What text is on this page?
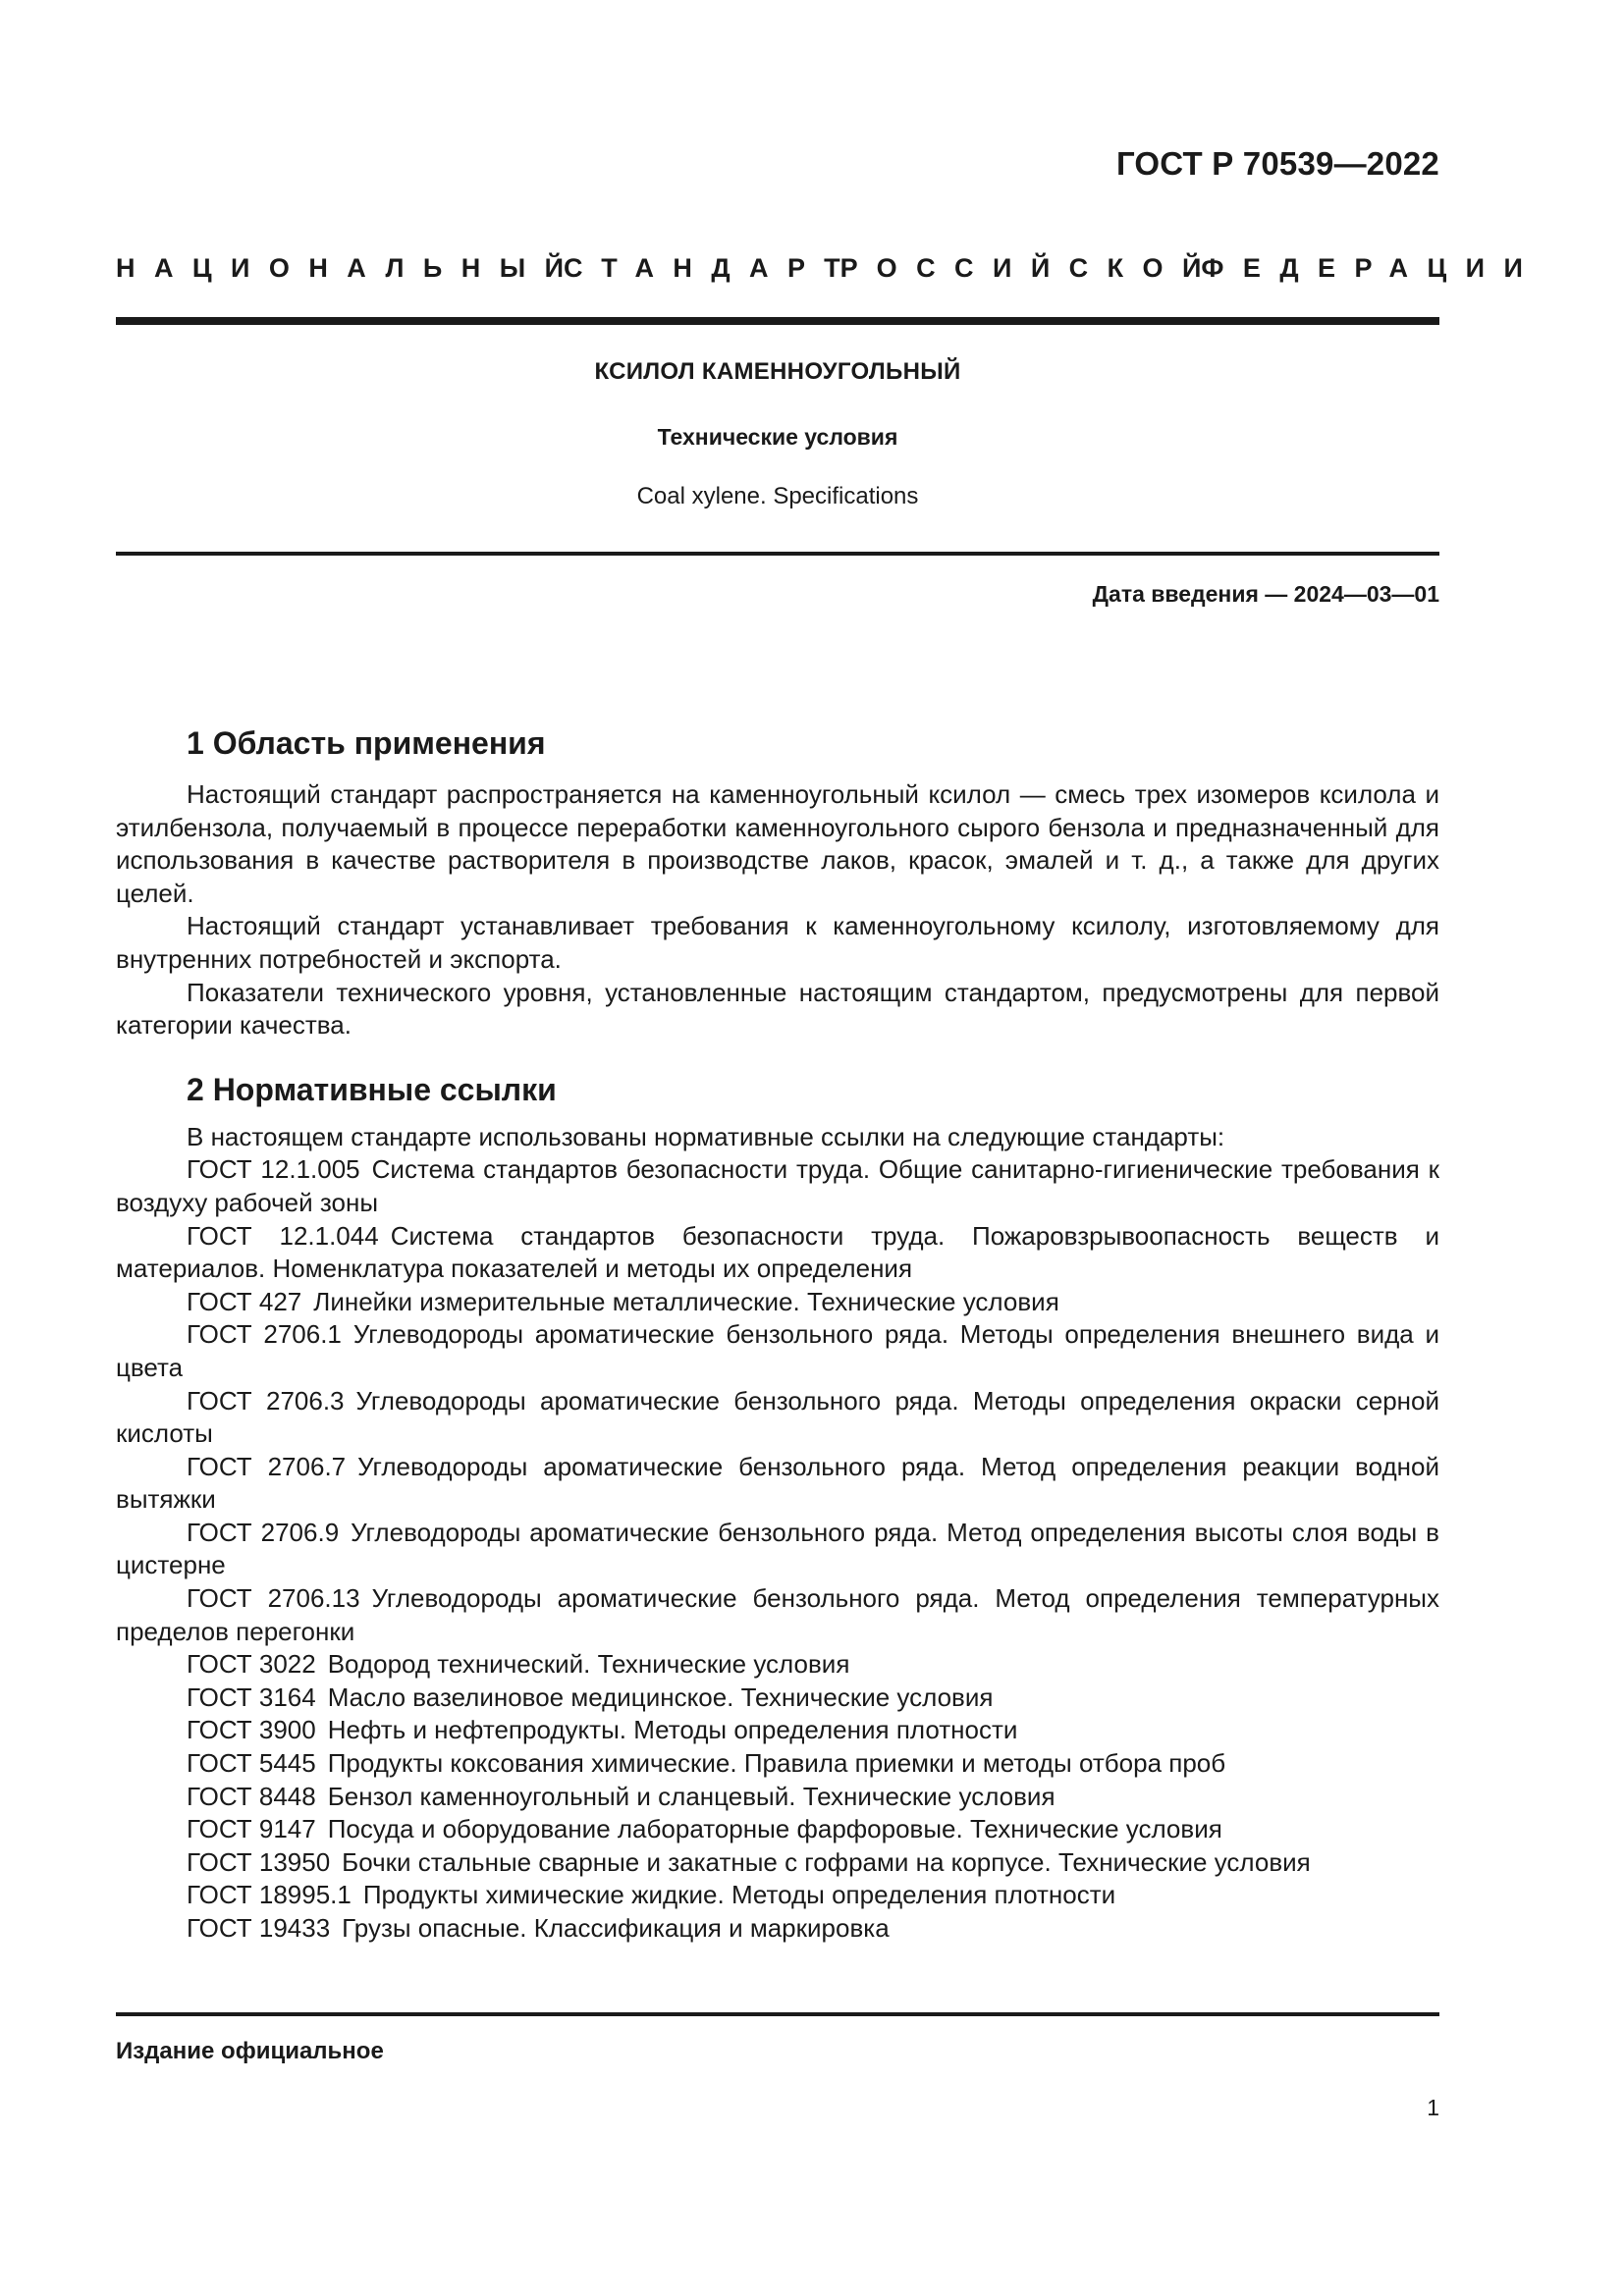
ГОСТ Р 70539—2022
НАЦИОНАЛЬНЫЙ
СТАНДАРТ
РОССИЙСКОЙ
ФЕДЕРАЦИИ
КСИЛОЛ КАМЕННОУГОЛЬНЫЙ
Технические условия
Coal xylene. Specifications
Дата введения — 2024—03—01
1 Область применения

Настоящий стандарт распространяется на каменноугольный ксилол — смесь трех изомеров ксилола и этилбензола, получаемый в процессе переработки каменноугольного сырого бензола и предназначенный для использования в качестве растворителя в производстве лаков, красок, эмалей и т. д., а также для других целей.

Настоящий стандарт устанавливает требования к каменноугольному ксилолу, изготовляемому для внутренних потребностей и экспорта.

Показатели технического уровня, установленные настоящим стандартом, предусмотрены для первой категории качества.

2 Нормативные ссылки

В настоящем стандарте использованы нормативные ссылки на следующие стандарты:

ГОСТ 12.1.005 Система стандартов безопасности труда. Общие санитарно-гигиенические требования к воздуху рабочей зоны

ГОСТ 12.1.044 Система стандартов безопасности труда. Пожаровзрывоопасность веществ и материалов. Номенклатура показателей и методы их определения

ГОСТ 427 Линейки измерительные металлические. Технические условия

ГОСТ 2706.1 Углеводороды ароматические бензольного ряда. Методы определения внешнего вида и цвета

ГОСТ 2706.3 Углеводороды ароматические бензольного ряда. Методы определения окраски серной кислоты

ГОСТ 2706.7 Углеводороды ароматические бензольного ряда. Метод определения реакции водной вытяжки

ГОСТ 2706.9 Углеводороды ароматические бензольного ряда. Метод определения высоты слоя воды в цистерне

ГОСТ 2706.13 Углеводороды ароматические бензольного ряда. Метод определения температурных пределов перегонки

ГОСТ 3022 Водород технический. Технические условия

ГОСТ 3164 Масло вазелиновое медицинское. Технические условия

ГОСТ 3900 Нефть и нефтепродукты. Методы определения плотности

ГОСТ 5445 Продукты коксования химические. Правила приемки и методы отбора проб

ГОСТ 8448 Бензол каменноугольный и сланцевый. Технические условия

ГОСТ 9147 Посуда и оборудование лабораторные фарфоровые. Технические условия

ГОСТ 13950 Бочки стальные сварные и закатные с гофрами на корпусе. Технические условия

ГОСТ 18995.1 Продукты химические жидкие. Методы определения плотности

ГОСТ 19433 Грузы опасные. Классификация и маркировка

Издание официальное
1
